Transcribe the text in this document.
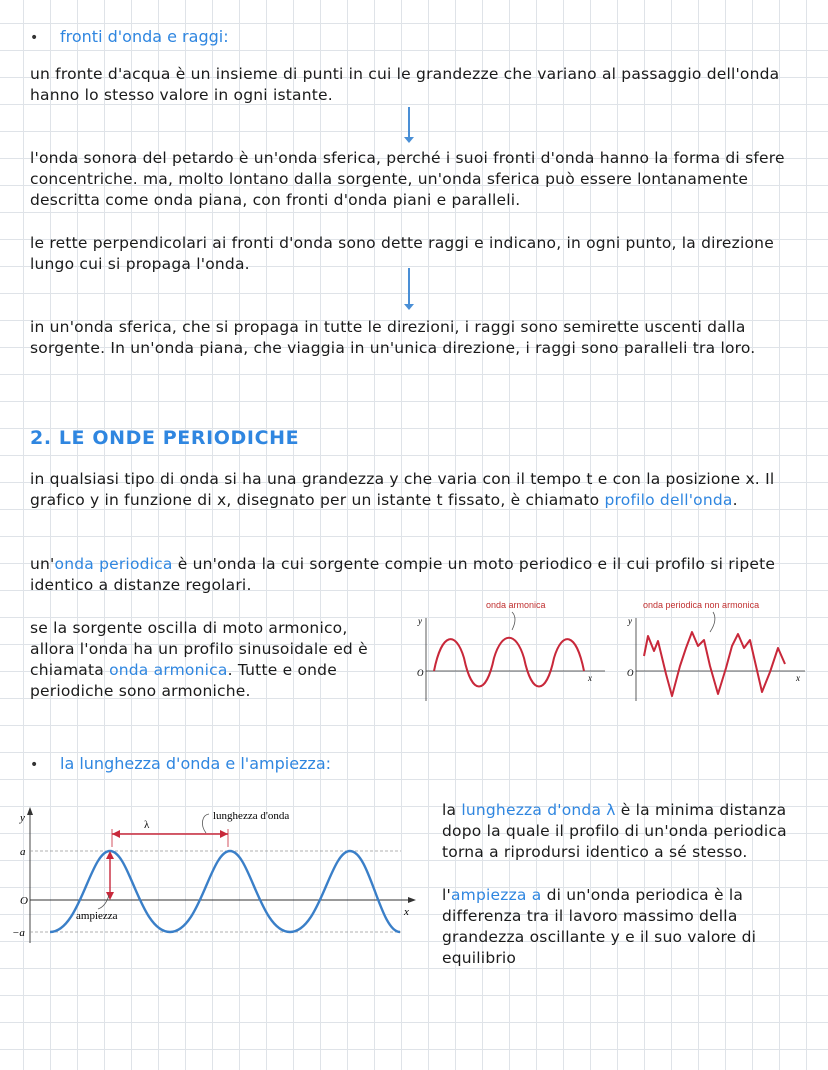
• fronti d'onda e raggi:
un fronte d'acqua è un insieme di punti in cui le grandezze che variano al passaggio dell'onda hanno lo stesso valore in ogni istante.
l'onda sonora del petardo è un'onda sferica, perché i suoi fronti d'onda hanno la forma di sfere concentriche. ma, molto lontano dalla sorgente, un'onda sferica può essere lontanamente descritta come onda piana, con fronti d'onda piani e paralleli.
le rette perpendicolari ai fronti d'onda sono dette raggi e indicano, in ogni punto, la direzione lungo cui si propaga l'onda.
in un'onda sferica, che si propaga in tutte le direzioni, i raggi sono semirette uscenti dalla sorgente. In un'onda piana, che viaggia in un'unica direzione, i raggi sono paralleli tra loro.
2. LE ONDE PERIODICHE
in qualsiasi tipo di onda si ha una grandezza y che varia con il tempo t e con la posizione x. Il grafico y in funzione di x, disegnato per un istante t fissato, è chiamato profilo dell'onda.
un'onda periodica è un'onda la cui sorgente compie un moto periodico e il cui profilo si ripete identico a distanze regolari.
se la sorgente oscilla di moto armonico, allora l'onda ha un profilo sinusoidale ed è chiamata onda armonica. Tutte e onde periodiche sono armoniche.
onda armonica
y
O	x
onda periodica non armonica
y
O	x
• la lunghezza d'onda e l'ampiezza:
y
x
O
a
−a
λ
lunghezza d'onda
ampiezza
la lunghezza d'onda λ è la minima distanza dopo la quale il profilo di un'onda periodica torna a riprodursi identico a sé stesso.
l'ampiezza a di un'onda periodica è la differenza tra il lavoro massimo della grandezza oscillante y e il suo valore di equilibrio
